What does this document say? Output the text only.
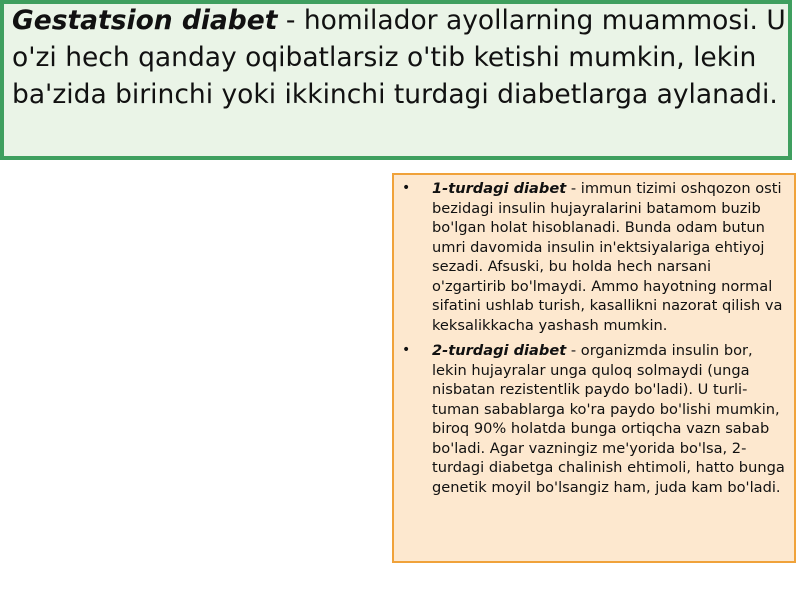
Gestatsion diabet - homilador ayollarning muammosi. U o'zi hech qanday oqibatlarsiz o'tib ketishi mumkin, lekin ba'zida birinchi yoki ikkinchi turdagi diabetlarga aylanadi.

• 1-turdagi diabet - immun tizimi oshqozon osti bezidagi insulin hujayralarini batamom buzib bo'lgan holat hisoblanadi. Bunda odam butun umri davomida insulin in'ektsiyalariga ehtiyoj sezadi. Afsuski, bu holda hech narsani o'zgartirib bo'lmaydi. Ammo hayotning normal sifatini ushlab turish, kasallikni nazorat qilish va keksalikkacha yashash mumkin.
• 2-turdagi diabet - organizmda insulin bor, lekin hujayralar unga quloq solmaydi (unga nisbatan rezistentlik paydo bo'ladi). U turli-tuman sabablarga ko'ra paydo bo'lishi mumkin, biroq 90% holatda bunga ortiqcha vazn sabab bo'ladi. Agar vazningiz me'yorida bo'lsa, 2-turdagi diabetga chalinish ehtimoli, hatto bunga genetik moyil bo'lsangiz ham, juda kam bo'ladi.
